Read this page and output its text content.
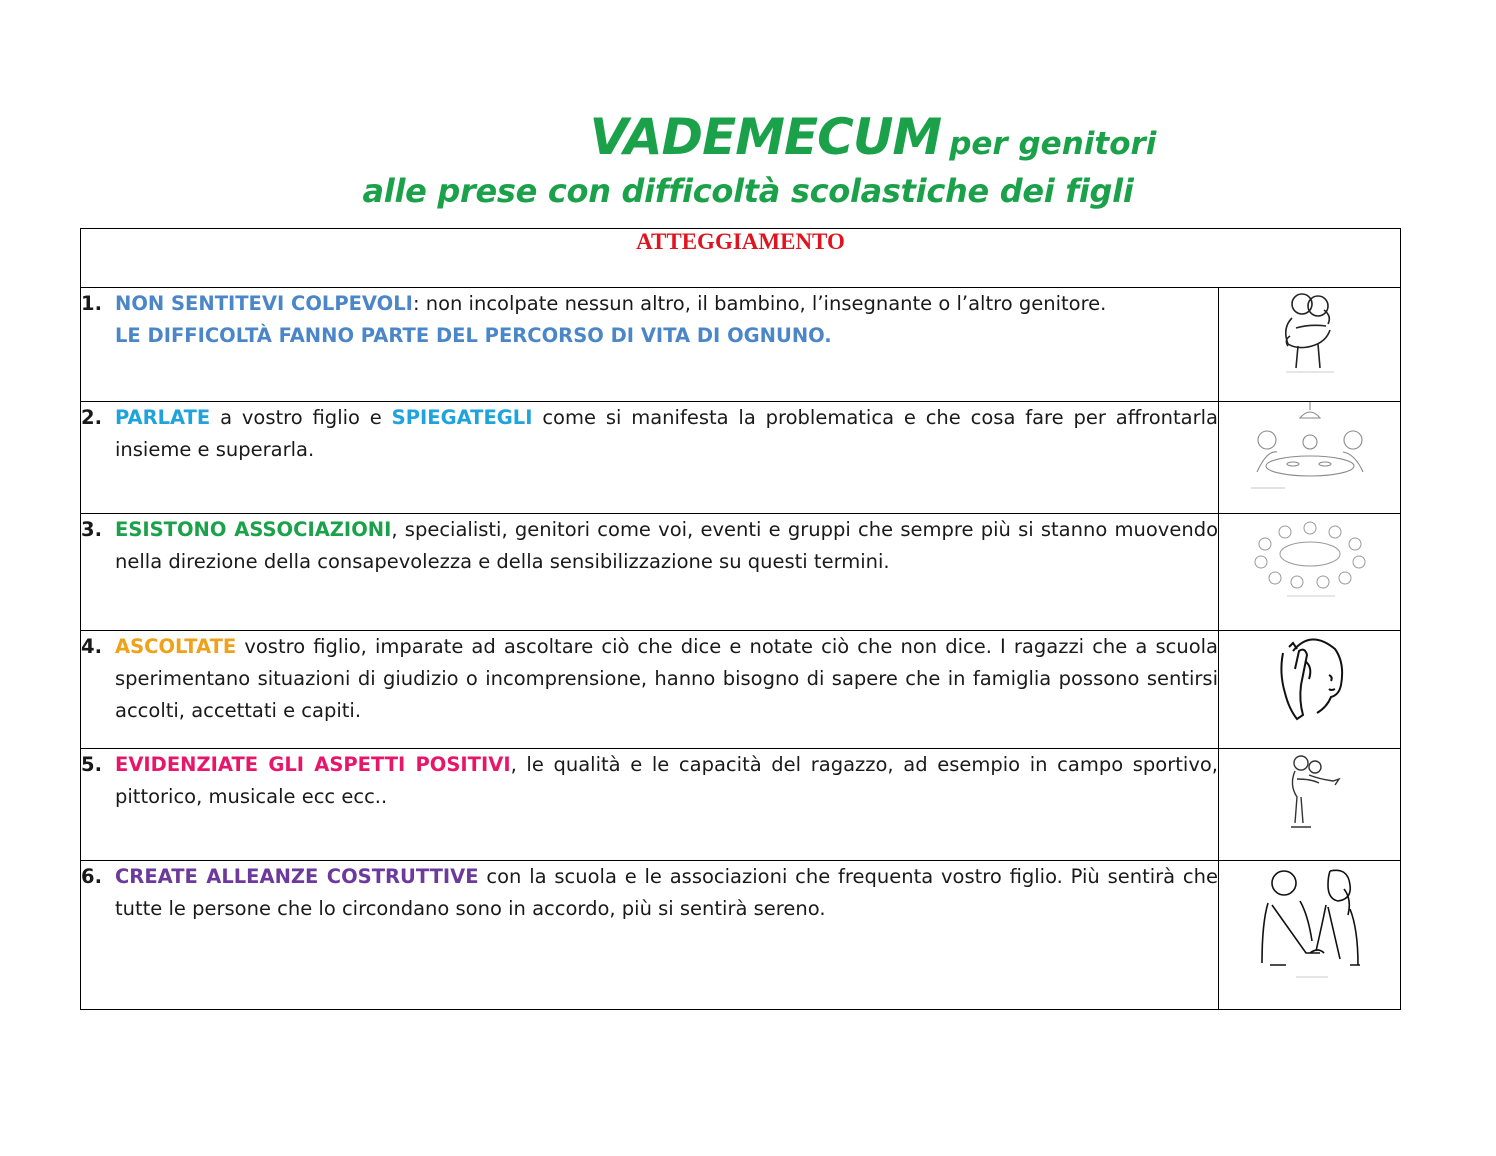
VADEMECUM per genitori
alle prese con difficoltà scolastiche dei figli
ATTEGGIAMENTO	

1. NON SENTITEVI COLPEVOLI: non incolpate nessun altro, il bambino, l’insegnante o l’altro genitore.
LE DIFFICOLTÀ FANNO PARTE DEL PERCORSO DI VITA DI OGNUNO.

2. PARLATE a vostro figlio e SPIEGATEGLI come si manifesta la problematica e che cosa fare per affrontarla insieme e superarla.

3. ESISTONO ASSOCIAZIONI, specialisti, genitori come voi, eventi e gruppi che sempre più si stanno muovendo nella direzione della consapevolezza e della sensibilizzazione su questi termini.

4. ASCOLTATE vostro figlio, imparate ad ascoltare ciò che dice e notate ciò che non dice. I ragazzi che a scuola sperimentano situazioni di giudizio o incomprensione, hanno bisogno di sapere che in famiglia possono sentirsi accolti, accettati e capiti.

5. EVIDENZIATE GLI ASPETTI POSITIVI, le qualità e le capacità del ragazzo, ad esempio in campo sportivo, pittorico, musicale ecc ecc..

6. CREATE ALLEANZE COSTRUTTIVE con la scuola e le associazioni che frequenta vostro figlio. Più sentirà che tutte le persone che lo circondano sono in accordo, più si sentirà sereno.
